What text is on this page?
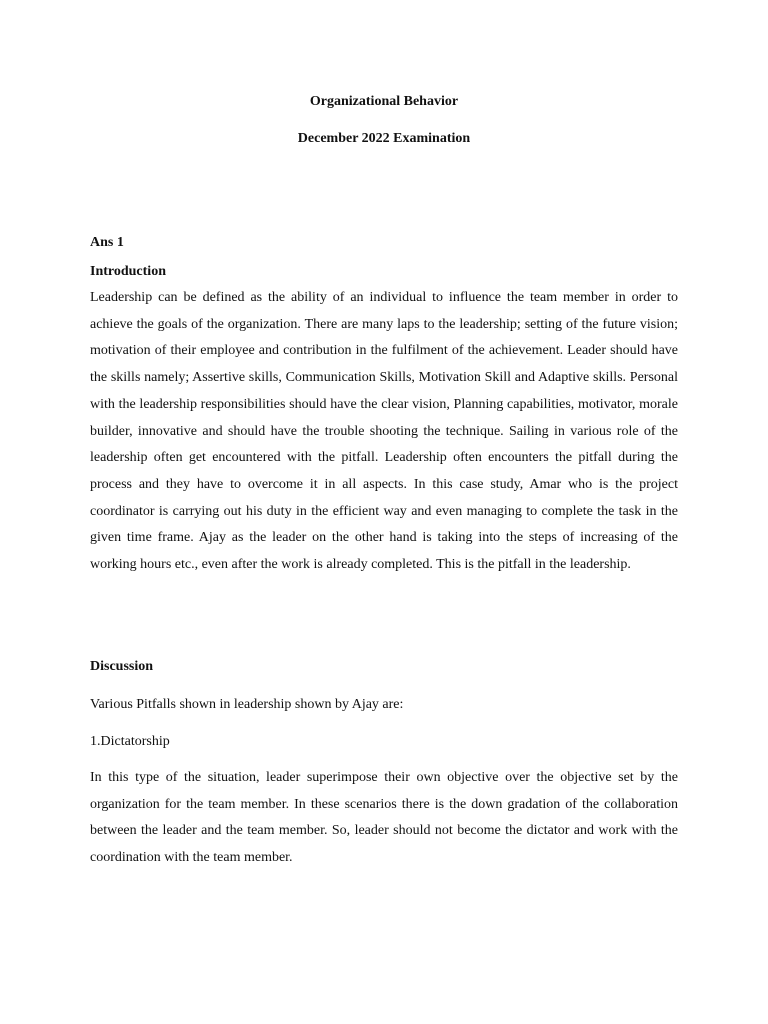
Organizational Behavior
December 2022 Examination
Ans 1
Introduction

Leadership can be defined as the ability of an individual to influence the team member in order to achieve the goals of the organization. There are many laps to the leadership; setting of the future vision; motivation of their employee and contribution in the fulfilment of the achievement. Leader should have the skills namely; Assertive skills, Communication Skills, Motivation Skill and Adaptive skills. Personal with the leadership responsibilities should have the clear vision, Planning capabilities, motivator, morale builder, innovative and should have the trouble shooting the technique. Sailing in various role of the leadership often get encountered with the pitfall. Leadership often encounters the pitfall during the process and they have to overcome it in all aspects. In this case study, Amar who is the project coordinator is carrying out his duty in the efficient way and even managing to complete the task in the given time frame. Ajay as the leader on the other hand is taking into the steps of increasing of the working hours etc., even after the work is already completed. This is the pitfall in the leadership.

Discussion
Various Pitfalls shown in leadership shown by Ajay are:
1.Dictatorship

In this type of the situation, leader superimpose their own objective over the objective set by the organization for the team member. In these scenarios there is the down gradation of the collaboration between the leader and the team member. So, leader should not become the dictator and work with the coordination with the team member.
